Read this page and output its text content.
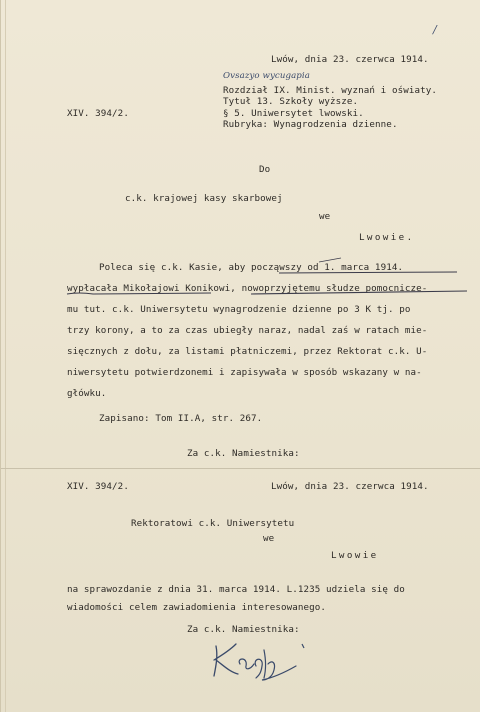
/
Lwów, dnia 23. czerwca 1914.
Ovsazyo wycugapia
Rozdział IX. Minist. wyznań i oświaty.
Tytuł 13. Szkoły wyższe.
XIV. 394/2.	§ 5. Uniwersytet lwowski.
Rubryka: Wynagrodzenia dzienne.
Do
c.k. krajowej kasy skarbowej
we
Lwowie.
Poleca się c.k. Kasie, aby począwszy od 1. marca 1914.
wypłacała Mikołajowi Konikowi, nowoprzyjętemu słudze pomocnicze-
mu tut. c.k. Uniwersytetu wynagrodzenie dzienne po 3 K tj. po
trzy korony, a to za czas ubiegły naraz, nadal zaś w ratach mie-
sięcznych z dołu, za listami płatniczemi, przez Rektorat c.k. U-
niwersytetu potwierdzonemi i zapisywała w sposób wskazany w na-
główku.
Zapisano: Tom II.A, str. 267.
Za c.k. Namiestnika:
XIV. 394/2.	Lwów, dnia 23. czerwca 1914.
Rektoratowi c.k. Uniwersytetu
we
Lwowie
na sprawozdanie z dnia 31. marca 1914. L.1235 udziela się do
wiadomości celem zawiadomienia interesowanego.
Za c.k. Namiestnika:
